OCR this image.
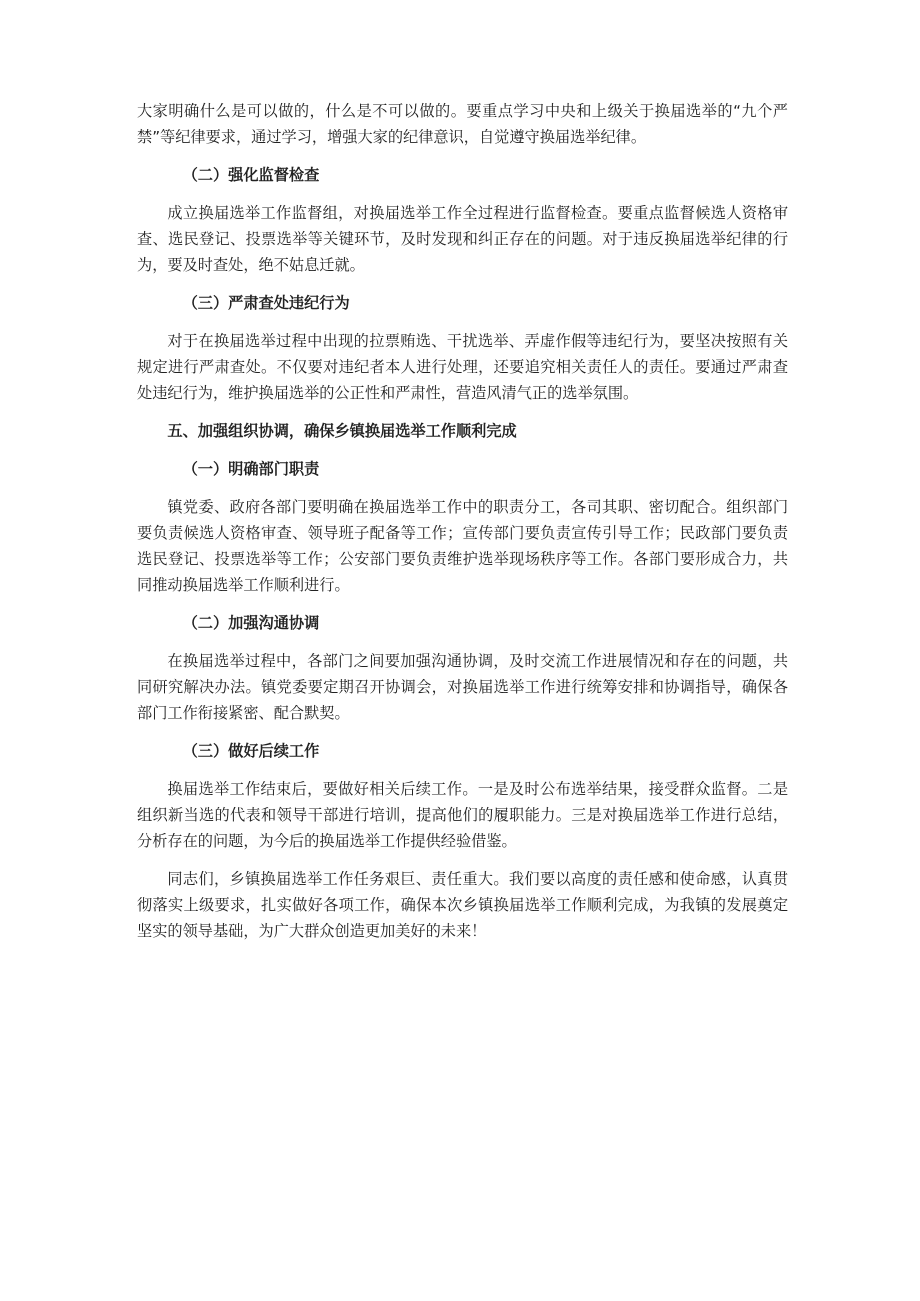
大家明确什么是可以做的，什么是不可以做的。要重点学习中央和上级关于换届选举的“九个严禁”等纪律要求，通过学习，增强大家的纪律意识，自觉遵守换届选举纪律。

（二）强化监督检查

成立换届选举工作监督组，对换届选举工作全过程进行监督检查。要重点监督候选人资格审查、选民登记、投票选举等关键环节，及时发现和纠正存在的问题。对于违反换届选举纪律的行为，要及时查处，绝不姑息迁就。

（三）严肃查处违纪行为

对于在换届选举过程中出现的拉票贿选、干扰选举、弄虚作假等违纪行为，要坚决按照有关规定进行严肃查处。不仅要对违纪者本人进行处理，还要追究相关责任人的责任。要通过严肃查处违纪行为，维护换届选举的公正性和严肃性，营造风清气正的选举氛围。

五、加强组织协调，确保乡镇换届选举工作顺利完成
（一）明确部门职责

镇党委、政府各部门要明确在换届选举工作中的职责分工，各司其职、密切配合。组织部门要负责候选人资格审查、领导班子配备等工作；宣传部门要负责宣传引导工作；民政部门要负责选民登记、投票选举等工作；公安部门要负责维护选举现场秩序等工作。各部门要形成合力，共同推动换届选举工作顺利进行。

（二）加强沟通协调

在换届选举过程中，各部门之间要加强沟通协调，及时交流工作进展情况和存在的问题，共同研究解决办法。镇党委要定期召开协调会，对换届选举工作进行统筹安排和协调指导，确保各部门工作衔接紧密、配合默契。

（三）做好后续工作

换届选举工作结束后，要做好相关后续工作。一是及时公布选举结果，接受群众监督。二是组织新当选的代表和领导干部进行培训，提高他们的履职能力。三是对换届选举工作进行总结，分析存在的问题，为今后的换届选举工作提供经验借鉴。

同志们，乡镇换届选举工作任务艰巨、责任重大。我们要以高度的责任感和使命感，认真贯彻落实上级要求，扎实做好各项工作，确保本次乡镇换届选举工作顺利完成，为我镇的发展奠定坚实的领导基础，为广大群众创造更加美好的未来！
